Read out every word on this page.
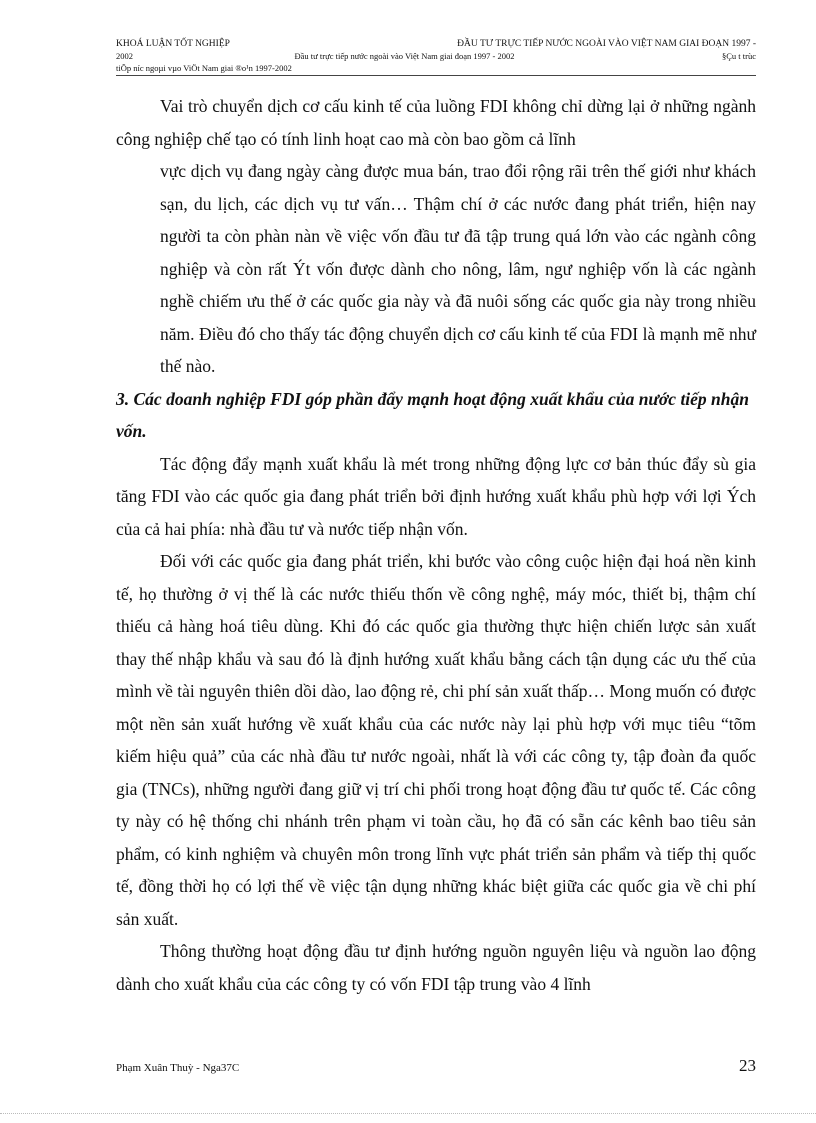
KHOÁ LUẬN TỐT NGHIỆP	ĐẦU TƯ TRỰC TIẾP NƯỚC NGOÀI VÀO VIỆT NAM GIAI ĐOẠN 1997 -
2002	Đầu tư trực tiếp nước ngoài vào Việt Nam giai đoạn 1997 - 2002	§Çu t trùc
tiÕp níc ngoµi vµo ViÖt Nam giai ®o¹n 1997-2002

Vai trò chuyển dịch cơ cấu kinh tế của luồng FDI không chỉ dừng lại ở những ngành công nghiệp chế tạo có tính linh hoạt cao mà còn bao gồm cả lĩnh

vực dịch vụ đang ngày càng được mua bán, trao đổi rộng rãi trên thế giới như khách sạn, du lịch, các dịch vụ tư vấn… Thậm chí ở các nước đang phát triển, hiện nay người ta còn phàn nàn về việc vốn đầu tư đã tập trung quá lớn vào các ngành công nghiệp và còn rất Ýt vốn được dành cho nông, lâm, ngư nghiệp vốn là các ngành nghề chiếm ưu thế ở các quốc gia này và đã nuôi sống các quốc gia này trong nhiều năm. Điều đó cho thấy tác động chuyển dịch cơ cấu kinh tế của FDI là mạnh mẽ như thế nào.

3. Các doanh nghiệp FDI góp phần đẩy mạnh hoạt động xuất khẩu của nước tiếp nhận vốn.

Tác động đẩy mạnh xuất khẩu là mét trong những động lực cơ bản thúc đẩy sù gia tăng FDI vào các quốc gia đang phát triển bởi định hướng xuất khẩu phù hợp với lợi Ých của cả hai phía: nhà đầu tư và nước tiếp nhận vốn.

Đối với các quốc gia đang phát triển, khi bước vào công cuộc hiện đại hoá nền kinh tế, họ thường ở vị thế là các nước thiếu thốn về công nghệ, máy móc, thiết bị, thậm chí thiếu cả hàng hoá tiêu dùng. Khi đó các quốc gia thường thực hiện chiến lược sản xuất thay thế nhập khẩu và sau đó là định hướng xuất khẩu bằng cách tận dụng các ưu thế của mình về tài nguyên thiên dồi dào, lao động rẻ, chi phí sản xuất thấp… Mong muốn có được một nền sản xuất hướng về xuất khẩu của các nước này lại phù hợp với mục tiêu “tõm kiếm hiệu quả” của các nhà đầu tư nước ngoài, nhất là với các công ty, tập đoàn đa quốc gia (TNCs), những người đang giữ vị trí chi phối trong hoạt động đầu tư quốc tế. Các công ty này có hệ thống chi nhánh trên phạm vi toàn cầu, họ đã có sẵn các kênh bao tiêu sản phẩm, có kinh nghiệm và chuyên môn trong lĩnh vực phát triển sản phẩm và tiếp thị quốc tế, đồng thời họ có lợi thế về việc tận dụng những khác biệt giữa các quốc gia về chi phí sản xuất.

Thông thường hoạt động đầu tư định hướng nguồn nguyên liệu và nguồn lao động dành cho xuất khẩu của các công ty có vốn FDI tập trung vào 4 lĩnh

Phạm Xuân Thuỳ - Nga37C	23
